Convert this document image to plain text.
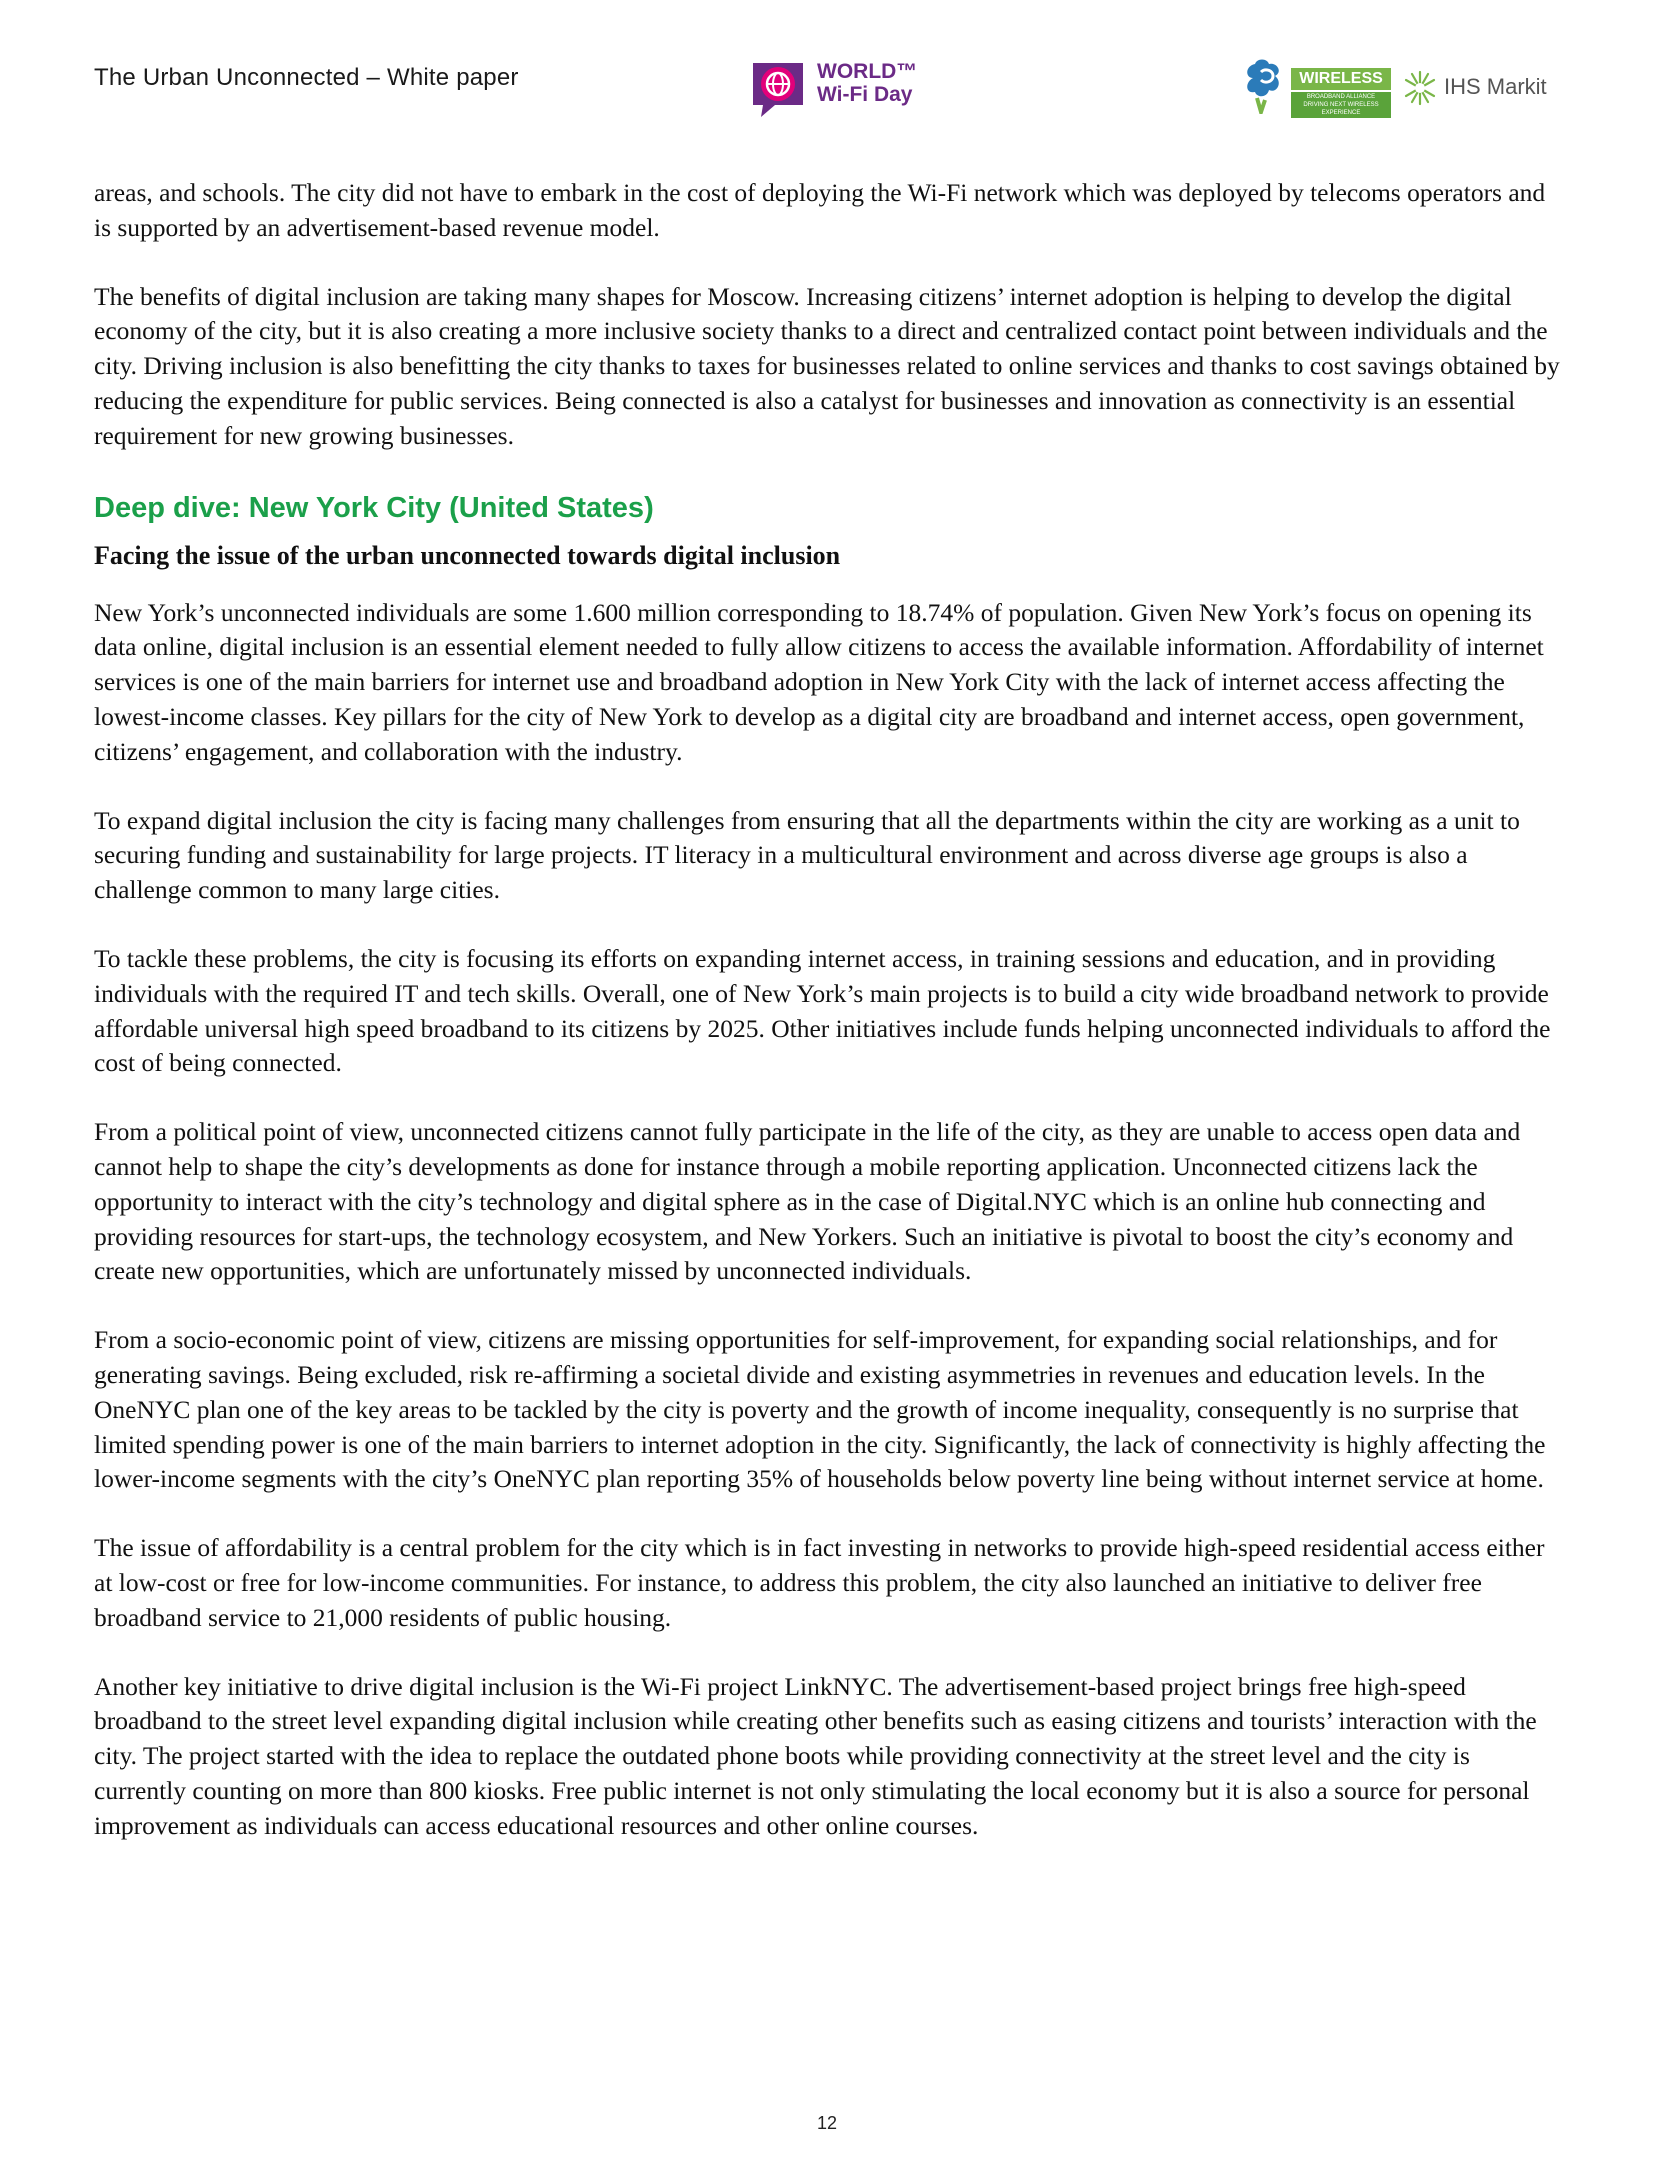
The Urban Unconnected – White paper	WORLD™
Wi-Fi Day
WIRELESS
BROADBAND ALLIANCE
DRIVING NEXT WIRELESS EXPERIENCE
IHS Markit

areas, and schools. The city did not have to embark in the cost of deploying the Wi-Fi network which was deployed by telecoms operators and is supported by an advertisement-based revenue model.

The benefits of digital inclusion are taking many shapes for Moscow. Increasing citizens’ internet adoption is helping to develop the digital economy of the city, but it is also creating a more inclusive society thanks to a direct and centralized contact point between individuals and the city. Driving inclusion is also benefitting the city thanks to taxes for businesses related to online services and thanks to cost savings obtained by reducing the expenditure for public services. Being connected is also a catalyst for businesses and innovation as connectivity is an essential requirement for new growing businesses.

Deep dive: New York City (United States)
Facing the issue of the urban unconnected towards digital inclusion

New York’s unconnected individuals are some 1.600 million corresponding to 18.74% of population. Given New York’s focus on opening its data online, digital inclusion is an essential element needed to fully allow citizens to access the available information. Affordability of internet services is one of the main barriers for internet use and broadband adoption in New York City with the lack of internet access affecting the lowest-income classes. Key pillars for the city of New York to develop as a digital city are broadband and internet access, open government, citizens’ engagement, and collaboration with the industry.

To expand digital inclusion the city is facing many challenges from ensuring that all the departments within the city are working as a unit to securing funding and sustainability for large projects. IT literacy in a multicultural environment and across diverse age groups is also a challenge common to many large cities.

To tackle these problems, the city is focusing its efforts on expanding internet access, in training sessions and education, and in providing individuals with the required IT and tech skills. Overall, one of New York’s main projects is to build a city wide broadband network to provide affordable universal high speed broadband to its citizens by 2025. Other initiatives include funds helping unconnected individuals to afford the cost of being connected.

From a political point of view, unconnected citizens cannot fully participate in the life of the city, as they are unable to access open data and cannot help to shape the city’s developments as done for instance through a mobile reporting application. Unconnected citizens lack the opportunity to interact with the city’s technology and digital sphere as in the case of Digital.NYC which is an online hub connecting and providing resources for start-ups, the technology ecosystem, and New Yorkers. Such an initiative is pivotal to boost the city’s economy and create new opportunities, which are unfortunately missed by unconnected individuals.

From a socio-economic point of view, citizens are missing opportunities for self-improvement, for expanding social relationships, and for generating savings. Being excluded, risk re-affirming a societal divide and existing asymmetries in revenues and education levels. In the OneNYC plan one of the key areas to be tackled by the city is poverty and the growth of income inequality, consequently is no surprise that limited spending power is one of the main barriers to internet adoption in the city. Significantly, the lack of connectivity is highly affecting the lower-income segments with the city’s OneNYC plan reporting 35% of households below poverty line being without internet service at home.

The issue of affordability is a central problem for the city which is in fact investing in networks to provide high-speed residential access either at low-cost or free for low-income communities. For instance, to address this problem, the city also launched an initiative to deliver free broadband service to 21,000 residents of public housing.

Another key initiative to drive digital inclusion is the Wi-Fi project LinkNYC. The advertisement-based project brings free high-speed broadband to the street level expanding digital inclusion while creating other benefits such as easing citizens and tourists’ interaction with the city. The project started with the idea to replace the outdated phone boots while providing connectivity at the street level and the city is currently counting on more than 800 kiosks. Free public internet is not only stimulating the local economy but it is also a source for personal improvement as individuals can access educational resources and other online courses.

12
